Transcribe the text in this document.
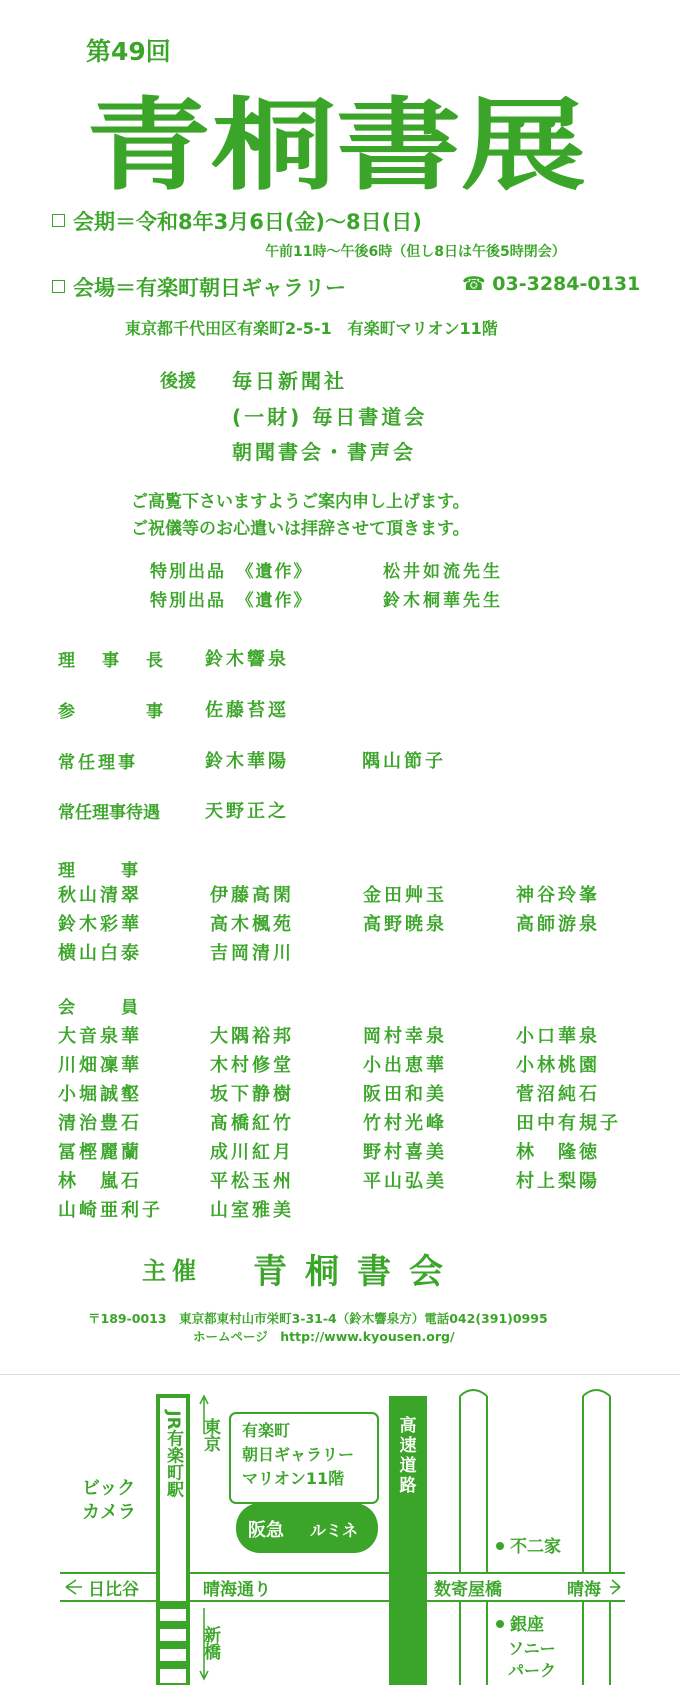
第49回
青桐書展
会期＝令和8年3月6日(金)〜8日(日)
午前11時〜午後6時（但し8日は午後5時閉会）
会場＝有楽町朝日ギャラリー	☎ 03-3284-0131
東京都千代田区有楽町2-5-1　有楽町マリオン11階
後援 毎日新聞社
(一財) 毎日書道会
朝聞書会・書声会
ご高覧下さいますようご案内申し上げます。
ご祝儀等のお心遣いは拝辞させて頂きます。
特別出品　《遺作》	松井如流先生
特別出品　《遺作》	鈴木桐華先生
理　事　長 鈴木響泉
参　　　事 佐藤苔逕
常任理事	鈴木華陽	隅山節子
常任理事待遇	天野正之
理　　事
秋山清翠	伊藤高閑	金田艸玉	神谷玲峯
鈴木彩華	高木楓苑	高野暁泉	高師游泉
横山白泰	吉岡清川
会　　員
大音泉華	大隅裕邦	岡村幸泉	小口華泉
川畑凜華	木村修堂	小出恵華	小林桃園
小堀誠壑	坂下静樹	阪田和美	菅沼純石
清治豊石	髙橋紅竹	竹村光峰	田中有規子
冨樫麗蘭	成川紅月	野村喜美	林　隆徳
林　嵐石	平松玉州	平山弘美	村上梨陽
山崎亜利子	山室雅美
主催 青桐書会
〒189-0013　東京都東村山市栄町3-31-4（鈴木響泉方）電話042(391)0995
ホームページ　http://www.kyousen.org/
高
速
道
路
JR有楽町駅 東京
新橋
ビック
カメラ
有楽町
朝日ギャラリー
マリオン11階
阪急 ルミネ
日比谷	晴海通り	数寄屋橋	晴海
不二家
銀座
ソニー
パーク
